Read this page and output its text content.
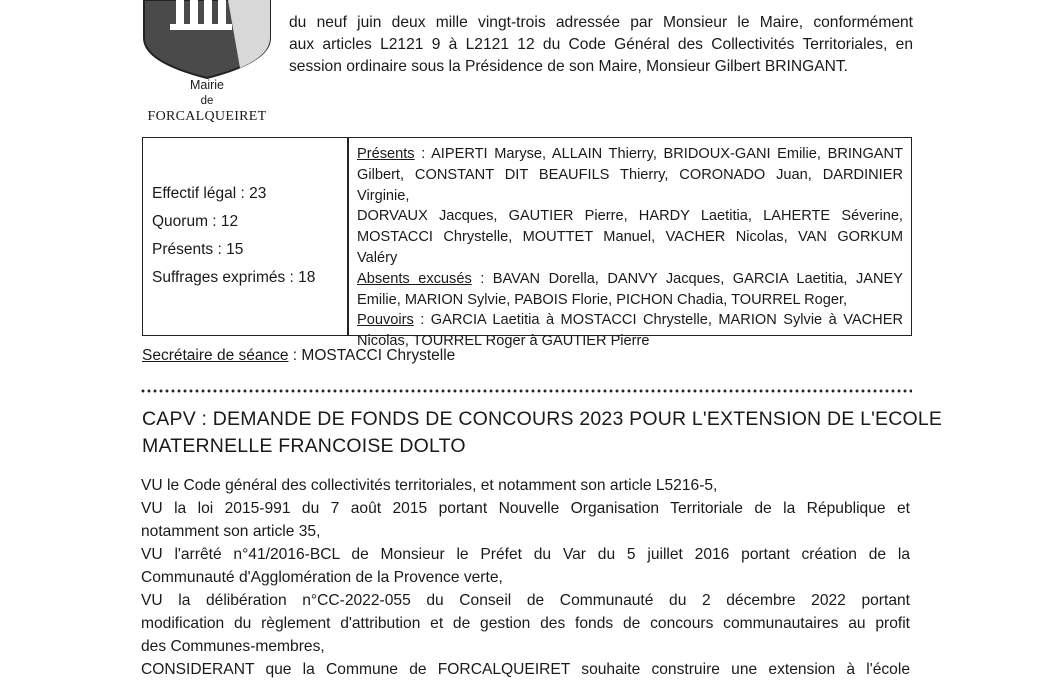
Mairie
de
FORCALQUEIRET
du neuf juin deux mille vingt-trois adressée par Monsieur le Maire, conformément
aux articles L2121 9 à L2121 12 du Code Général des Collectivités Territoriales, en
session ordinaire sous la Présidence de son Maire, Monsieur Gilbert BRINGANT.
Effectif légal : 23
Quorum : 12
Présents : 15
Suffrages exprimés : 18
Présents : AIPERTI Maryse, ALLAIN Thierry, BRIDOUX-GANI Emilie, BRINGANT
Gilbert, CONSTANT DIT BEAUFILS Thierry, CORONADO Juan, DARDINIER Virginie,
DORVAUX Jacques, GAUTIER Pierre, HARDY Laetitia, LAHERTE Séverine,
MOSTACCI Chrystelle, MOUTTET Manuel, VACHER Nicolas, VAN GORKUM
Valéry
Absents excusés : BAVAN Dorella, DANVY Jacques, GARCIA Laetitia, JANEY
Emilie, MARION Sylvie, PABOIS Florie, PICHON Chadia, TOURREL Roger,
Pouvoirs : GARCIA Laetitia à MOSTACCI Chrystelle, MARION Sylvie à VACHER
Nicolas, TOURREL Roger à GAUTIER Pierre
Secrétaire de séance : MOSTACCI Chrystelle
CAPV : DEMANDE DE FONDS DE CONCOURS 2023 POUR L'EXTENSION DE L'ECOLE
MATERNELLE FRANCOISE DOLTO
VU le Code général des collectivités territoriales, et notamment son article L5216-5,
VU la loi 2015-991 du 7 août 2015 portant Nouvelle Organisation Territoriale de la République et
notamment son article 35,
VU l'arrêté n°41/2016-BCL de Monsieur le Préfet du Var du 5 juillet 2016 portant création de la
Communauté d'Agglomération de la Provence verte,
VU la délibération n°CC-2022-055 du Conseil de Communauté du 2 décembre 2022 portant
modification du règlement d'attribution et de gestion des fonds de concours communautaires au profit
des Communes-membres,
CONSIDERANT que la Commune de FORCALQUEIRET souhaite construire une extension à l'école
